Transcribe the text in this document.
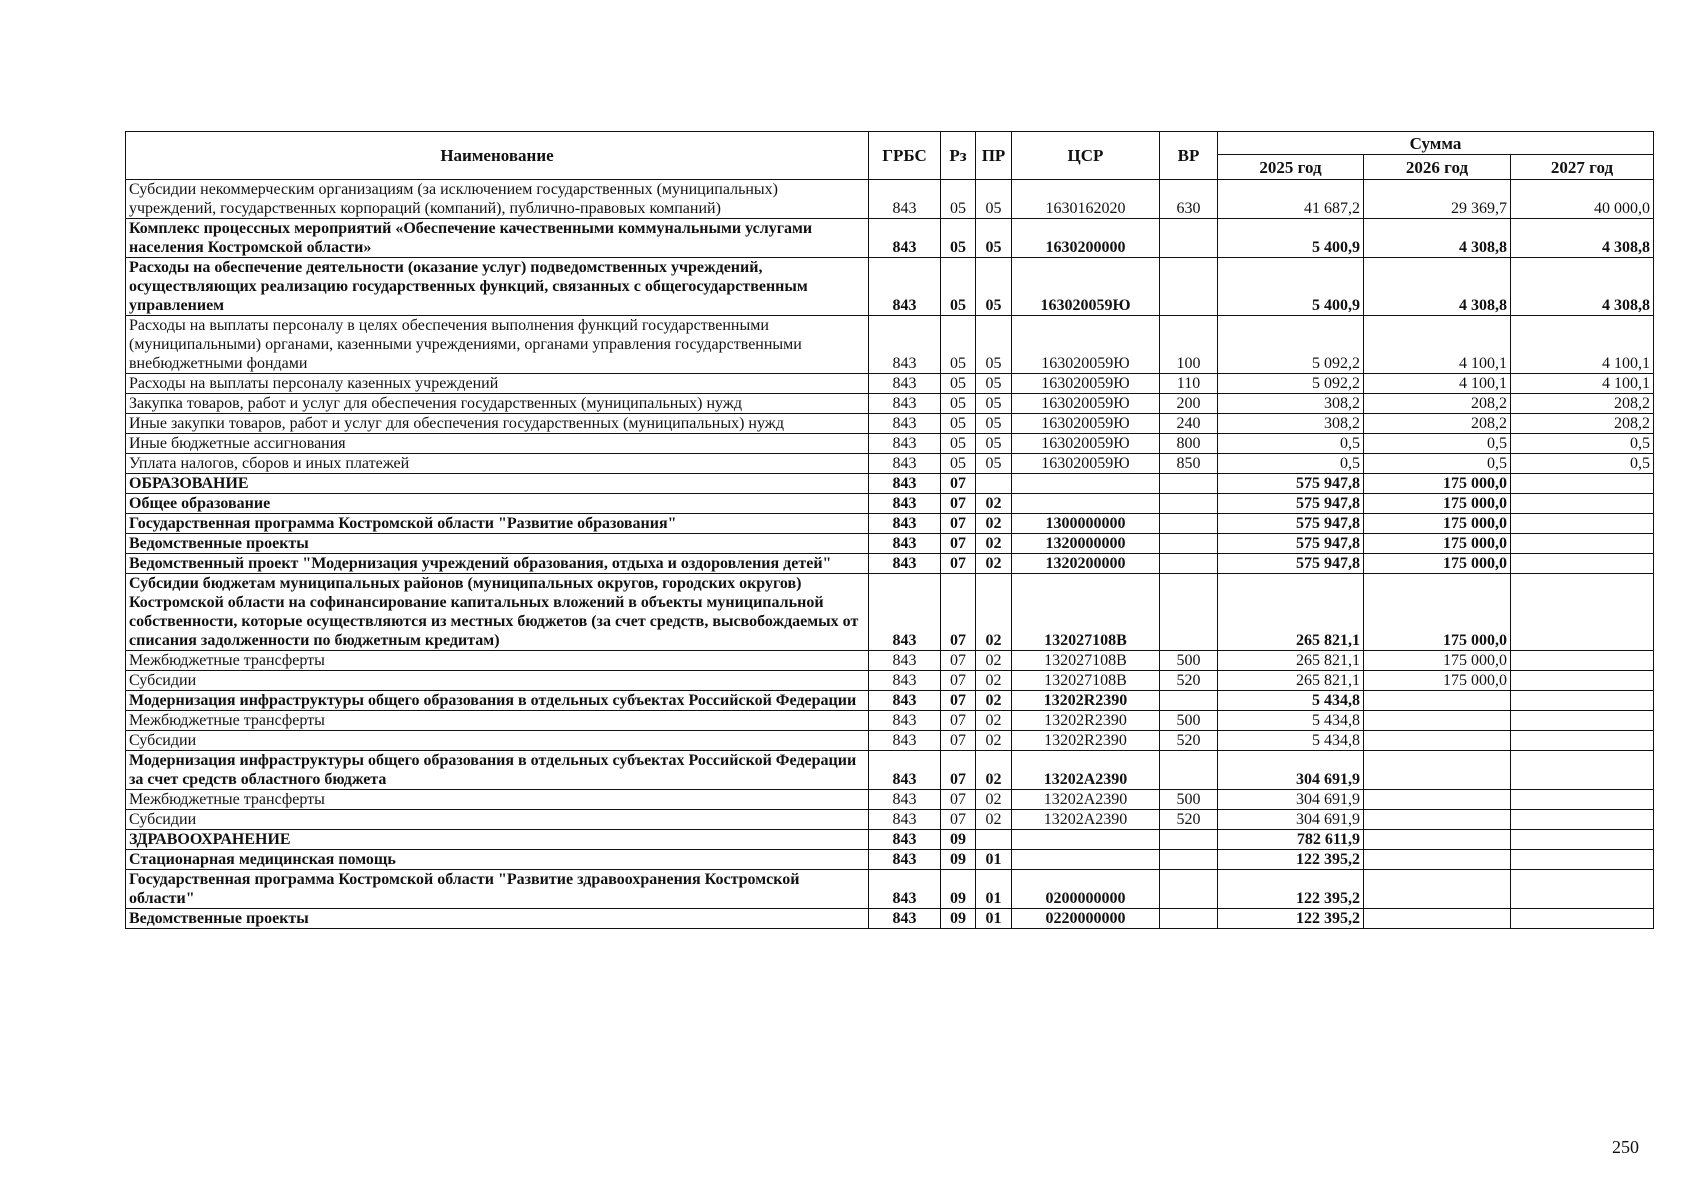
Наименование	ГРБС	Рз	ПР	ЦСР	ВР	Сумма		
						2025 год	2026 год	2027 год
Субсидии некоммерческим организациям (за исключением государственных (муниципальных) учреждений, государственных корпораций (компаний), публично-правовых компаний)	843	05	05	1630162020	630	41 687,2	29 369,7	40 000,0
Комплекс процессных мероприятий «Обеспечение качественными коммунальными услугами населения Костромской области»	843	05	05	1630200000		5 400,9	4 308,8	4 308,8
Расходы на обеспечение деятельности (оказание услуг) подведомственных учреждений, осуществляющих реализацию государственных функций, связанных с общегосударственным управлением	843	05	05	163020059Ю		5 400,9	4 308,8	4 308,8
Расходы на выплаты персоналу в целях обеспечения выполнения функций государственными (муниципальными) органами, казенными учреждениями, органами управления государственными внебюджетными фондами	843	05	05	163020059Ю	100	5 092,2	4 100,1	4 100,1
Расходы на выплаты персоналу казенных учреждений	843	05	05	163020059Ю	110	5 092,2	4 100,1	4 100,1
Закупка товаров, работ и услуг для обеспечения государственных (муниципальных) нужд	843	05	05	163020059Ю	200	308,2	208,2	208,2
Иные закупки товаров, работ и услуг для обеспечения государственных (муниципальных) нужд	843	05	05	163020059Ю	240	308,2	208,2	208,2
Иные бюджетные ассигнования	843	05	05	163020059Ю	800	0,5	0,5	0,5
Уплата налогов, сборов и иных платежей	843	05	05	163020059Ю	850	0,5	0,5	0,5
ОБРАЗОВАНИЕ	843	07				575 947,8	175 000,0	
Общее образование	843	07	02			575 947,8	175 000,0	
Государственная программа Костромской области "Развитие образования"	843	07	02	1300000000		575 947,8	175 000,0	
Ведомственные проекты	843	07	02	1320000000		575 947,8	175 000,0	
Ведомственный проект "Модернизация учреждений образования, отдыха и оздоровления детей"	843	07	02	1320200000		575 947,8	175 000,0	
Субсидии бюджетам муниципальных районов (муниципальных округов, городских округов) Костромской области на софинансирование капитальных вложений в объекты муниципальной собственности, которые осуществляются из местных бюджетов (за счет средств, высвобождаемых от списания задолженности по бюджетным кредитам)	843	07	02	132027108В		265 821,1	175 000,0	
Межбюджетные трансферты	843	07	02	132027108В	500	265 821,1	175 000,0	
Субсидии	843	07	02	132027108В	520	265 821,1	175 000,0	
Модернизация инфраструктуры общего образования в отдельных субъектах Российской Федерации	843	07	02	13202R2390		5 434,8		
Межбюджетные трансферты	843	07	02	13202R2390	500	5 434,8		
Субсидии	843	07	02	13202R2390	520	5 434,8		
Модернизация инфраструктуры общего образования в отдельных субъектах Российской Федерации за счет средств областного бюджета	843	07	02	13202A2390		304 691,9		
Межбюджетные трансферты	843	07	02	13202A2390	500	304 691,9		
Субсидии	843	07	02	13202A2390	520	304 691,9		
ЗДРАВООХРАНЕНИЕ	843	09				782 611,9		
Стационарная медицинская помощь	843	09	01			122 395,2		
Государственная программа Костромской области "Развитие здравоохранения Костромской области"	843	09	01	0200000000		122 395,2		
Ведомственные проекты	843	09	01	0220000000		122 395,2		
250
